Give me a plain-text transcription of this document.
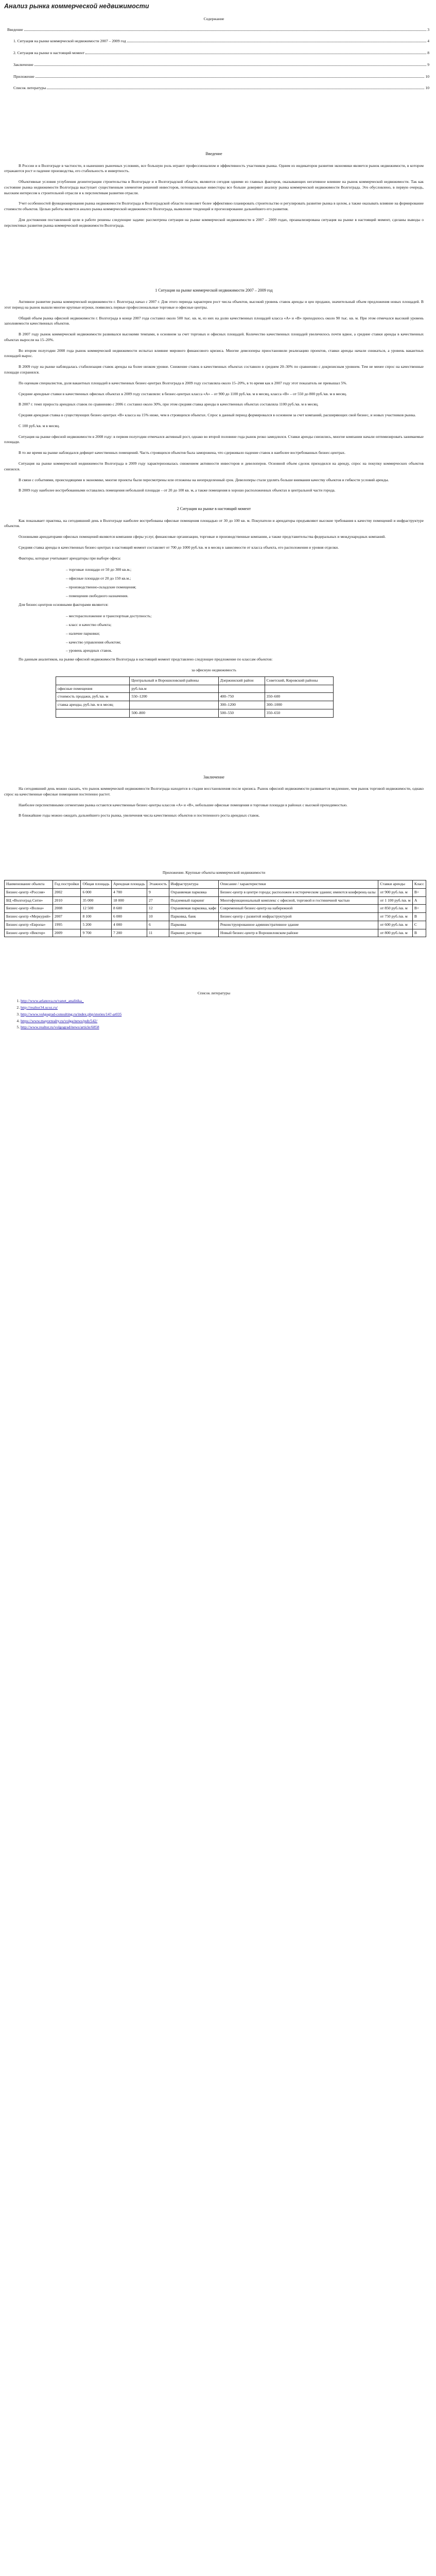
Анализ рынка коммерческой недвижимости
Содержание
Введение	3
1. Ситуация на рынке коммерческой недвижимости 2007 – 2009 год	4
2. Ситуация на рынке в настоящий момент	8
Заключение	9
Приложение	10
Список литературы	10
Введение

В России и в Волгограде в частности, в нынешних рыночных условиях, все большую роль играют профессионализм и эффективность участников рынка. Одним из индикаторов развития экономики является рынок недвижимости, в котором отражаются рост и падение производства, его стабильность и инвертность.

Объективные условия углубления дезинтеграции строительства в Волгограде и в Волгоградской области, являются сегодня одними из главных факторов, оказывающих негативное влияние на рынок коммерческой недвижимости. Так как состояние рынка недвижимости Волгограда выступает существенным элементом решений инвесторов, потенциальные инвесторы все больше доверяют анализу рынка коммерческой недвижимости Волгограда. Это обусловлено, в первую очередь, высоким интересом к строительной отрасли и к перспективам развития отрасли.

Учет особенностей функционирования рынка недвижимости Волгограда и Волгоградской области позволяет более эффективно планировать строительство и регулировать развитие рынка в целом, а также оказывать влияние на формирование стоимости объектов. Целью работы является анализ рынка коммерческой недвижимости Волгограда, выявление тенденций и прогнозирование дальнейшего его развития.

Для достижения поставленной цели в работе решены следующие задачи: рассмотрена ситуация на рынке коммерческой недвижимости в 2007 – 2009 годах, проанализирована ситуация на рынке в настоящий момент, сделаны выводы о перспективах развития рынка коммерческой недвижимости Волгограда.

1 Ситуация на рынке коммерческой недвижимости 2007 – 2009 год

Активное развитие рынка коммерческой недвижимости г. Волгоград начал с 2007 г. Для этого периода характерен рост числа объектов, высокий уровень ставок аренды и цен продажи, значительный объем предложения новых площадей. В этот период на рынок вышли многие крупные игроки, появились первые профессиональные торговые и офисные центры.

Общий объем рынка офисной недвижимости г. Волгограда в конце 2007 года составил около 500 тыс. кв. м, из них на долю качественных площадей класса «А» и «В» приходилось около 90 тыс. кв. м. При этом отмечался высокий уровень заполняемости качественных объектов.

В 2007 году рынок коммерческой недвижимости развивался высокими темпами, в основном за счет торговых и офисных площадей. Количество качественных площадей увеличилось почти вдвое, а средние ставки аренды в качественных объектах выросли на 15–20%.

Во втором полугодии 2008 года рынок коммерческой недвижимости испытал влияние мирового финансового кризиса. Многие девелоперы приостановили реализацию проектов, ставки аренды начали снижаться, а уровень вакантных площадей вырос.

В 2009 году на рынке наблюдалась стабилизация ставок аренды на более низком уровне. Снижение ставок в качественных объектах составило в среднем 20–30% по сравнению с докризисным уровнем. Тем не менее спрос на качественные площади сохранялся.

По оценкам специалистов, доля вакантных площадей в качественных бизнес-центрах Волгограда в 2009 году составляла около 15–20%, в то время как в 2007 году этот показатель не превышал 5%.

Средние арендные ставки в качественных офисных объектах в 2009 году составляли: в бизнес-центрах класса «А» – от 900 до 1100 руб./кв. м в месяц, класса «В» – от 550 до 800 руб./кв. м в месяц.

В 2007 г. темп прироста арендных ставок по сравнению с 2006 г. составил около 30%, при этом средняя ставка аренды в качественных объектах составляла 1100 руб./кв. м в месяц.

Средняя арендная ставка в существующих бизнес-центрах «В» класса на 15% ниже, чем в строящихся объектах. Спрос в данный период формировался в основном за счет компаний, расширяющих свой бизнес, и новых участников рынка.

С 100 руб./кв. м в месяц.

Ситуация на рынке офисной недвижимости в 2008 году: в первом полугодии отмечался активный рост, однако во второй половине года рынок резко замедлился. Ставки аренды снизились, многие компании начали оптимизировать занимаемые площади.

В то же время на рынке наблюдался дефицит качественных помещений. Часть строящихся объектов была заморожена, что сдерживало падение ставок в наиболее востребованных бизнес-центрах.

Ситуация на рынке коммерческой недвижимости Волгограда в 2009 году характеризовалась снижением активности инвесторов и девелоперов. Основной объем сделок приходился на аренду, спрос на покупку коммерческих объектов снизился.

В связи с событиями, происходящими в экономике, многие проекты были пересмотрены или отложены на неопределенный срок. Девелоперы стали уделять больше внимания качеству объектов и гибкости условий аренды.

В 2009 году наиболее востребованными оставались помещения небольшой площади – от 20 до 100 кв. м, а также помещения в хорошо расположенных объектах в центральной части города.

2 Ситуация на рынке в настоящий момент

Как показывает практика, на сегодняшний день в Волгограде наиболее востребованы офисные помещения площадью от 30 до 100 кв. м. Покупатели и арендаторы предъявляют высокие требования к качеству помещений и инфраструктуре объектов.

Основными арендаторами офисных помещений являются компании сферы услуг, финансовые организации, торговые и производственные компании, а также представительства федеральных и международных компаний.

Средняя ставка аренды в качественных бизнес-центрах в настоящий момент составляет от 700 до 1000 руб./кв. м в месяц в зависимости от класса объекта, его расположения и уровня отделки.

Факторы, которые учитывают арендаторы при выборе офиса:

– торговые площади от 50 до 300 кв.м.;
– офисные площади от 20 до 150 кв.м.;
– производственно-складские помещения;
– помещения свободного назначения.

Для бизнес-центров основными факторами являются:

– месторасположение и транспортная доступность;
– класс и качество объекта;
– наличие парковки;
– качество управления объектом;
– уровень арендных ставок.

По данным аналитиков, на рынке офисной недвижимости Волгограда в настоящий момент представлено следующее предложение по классам объектов:

за офисную недвижимость
	Центральный и Ворошиловский районы	Дзержинский район	Советский, Кировский районы
офисные помещения	руб./кв.м		
стоимость продажи, руб./кв. м	550–1200	400–750	350–600
ставка аренды, руб./кв. м в месяц		300–1200	300–1000
	500–800	500–550	350–650
Заключение

На сегодняшний день можно сказать, что рынок коммерческой недвижимости Волгограда находится в стадии восстановления после кризиса. Рынок офисной недвижимости развивается медленнее, чем рынок торговой недвижимости, однако спрос на качественные офисные помещения постепенно растет.

Наиболее перспективными сегментами рынка остаются качественные бизнес-центры классов «А» и «В», небольшие офисные помещения и торговые площади в районах с высокой проходимостью.

В ближайшие годы можно ожидать дальнейшего роста рынка, увеличения числа качественных объектов и постепенного роста арендных ставок.

Приложение. Крупные объекты коммерческой недвижимости
Наименование объекта	Год постройки	Общая площадь	Арендная площадь	Этажность	Инфраструктура	Описание / характеристики	Ставки аренды	Класс
Бизнес-центр «Россия»	2002	6 000	4 700	9	Охраняемая парковка	Бизнес-центр в центре города; расположен в историческом здании; имеются конференц-залы	от 900 руб./кв. м	В+
БЦ «Волгоград Сити»	2010	35 000	18 000	27	Подземный паркинг	Многофункциональный комплекс с офисной, торговой и гостиничной частью	от 1 100 руб./кв. м	А
Бизнес-центр «Волна»	2008	12 500	8 600	12	Охраняемая парковка, кафе	Современный бизнес-центр на набережной	от 850 руб./кв. м	В+
Бизнес-центр «Меркурий»	2007	8 100	6 000	10	Парковка, банк	Бизнес-центр с развитой инфраструктурой	от 750 руб./кв. м	В
Бизнес-центр «Европа»	1995	5 200	4 000	6	Парковка	Реконструированное административное здание	от 600 руб./кв. м	С
Бизнес-центр «Вектор»	2009	9 700	7 200	11	Паркинг, ресторан	Новый бизнес-центр в Ворошиловском районе	от 800 руб./кв. м	В
Список литературы
1. http://www.arlanova.ru/vanet_analitika_
2. http://realtor34.ucoz.ru/
3. http://www.volgograd-consulting.ru/index.php/stories/14?-ar035
4. https://www.mayorrealty.ru/volga/news/pub/542/
5. http://www.realtor.ru/volgograd/news/article/6858
